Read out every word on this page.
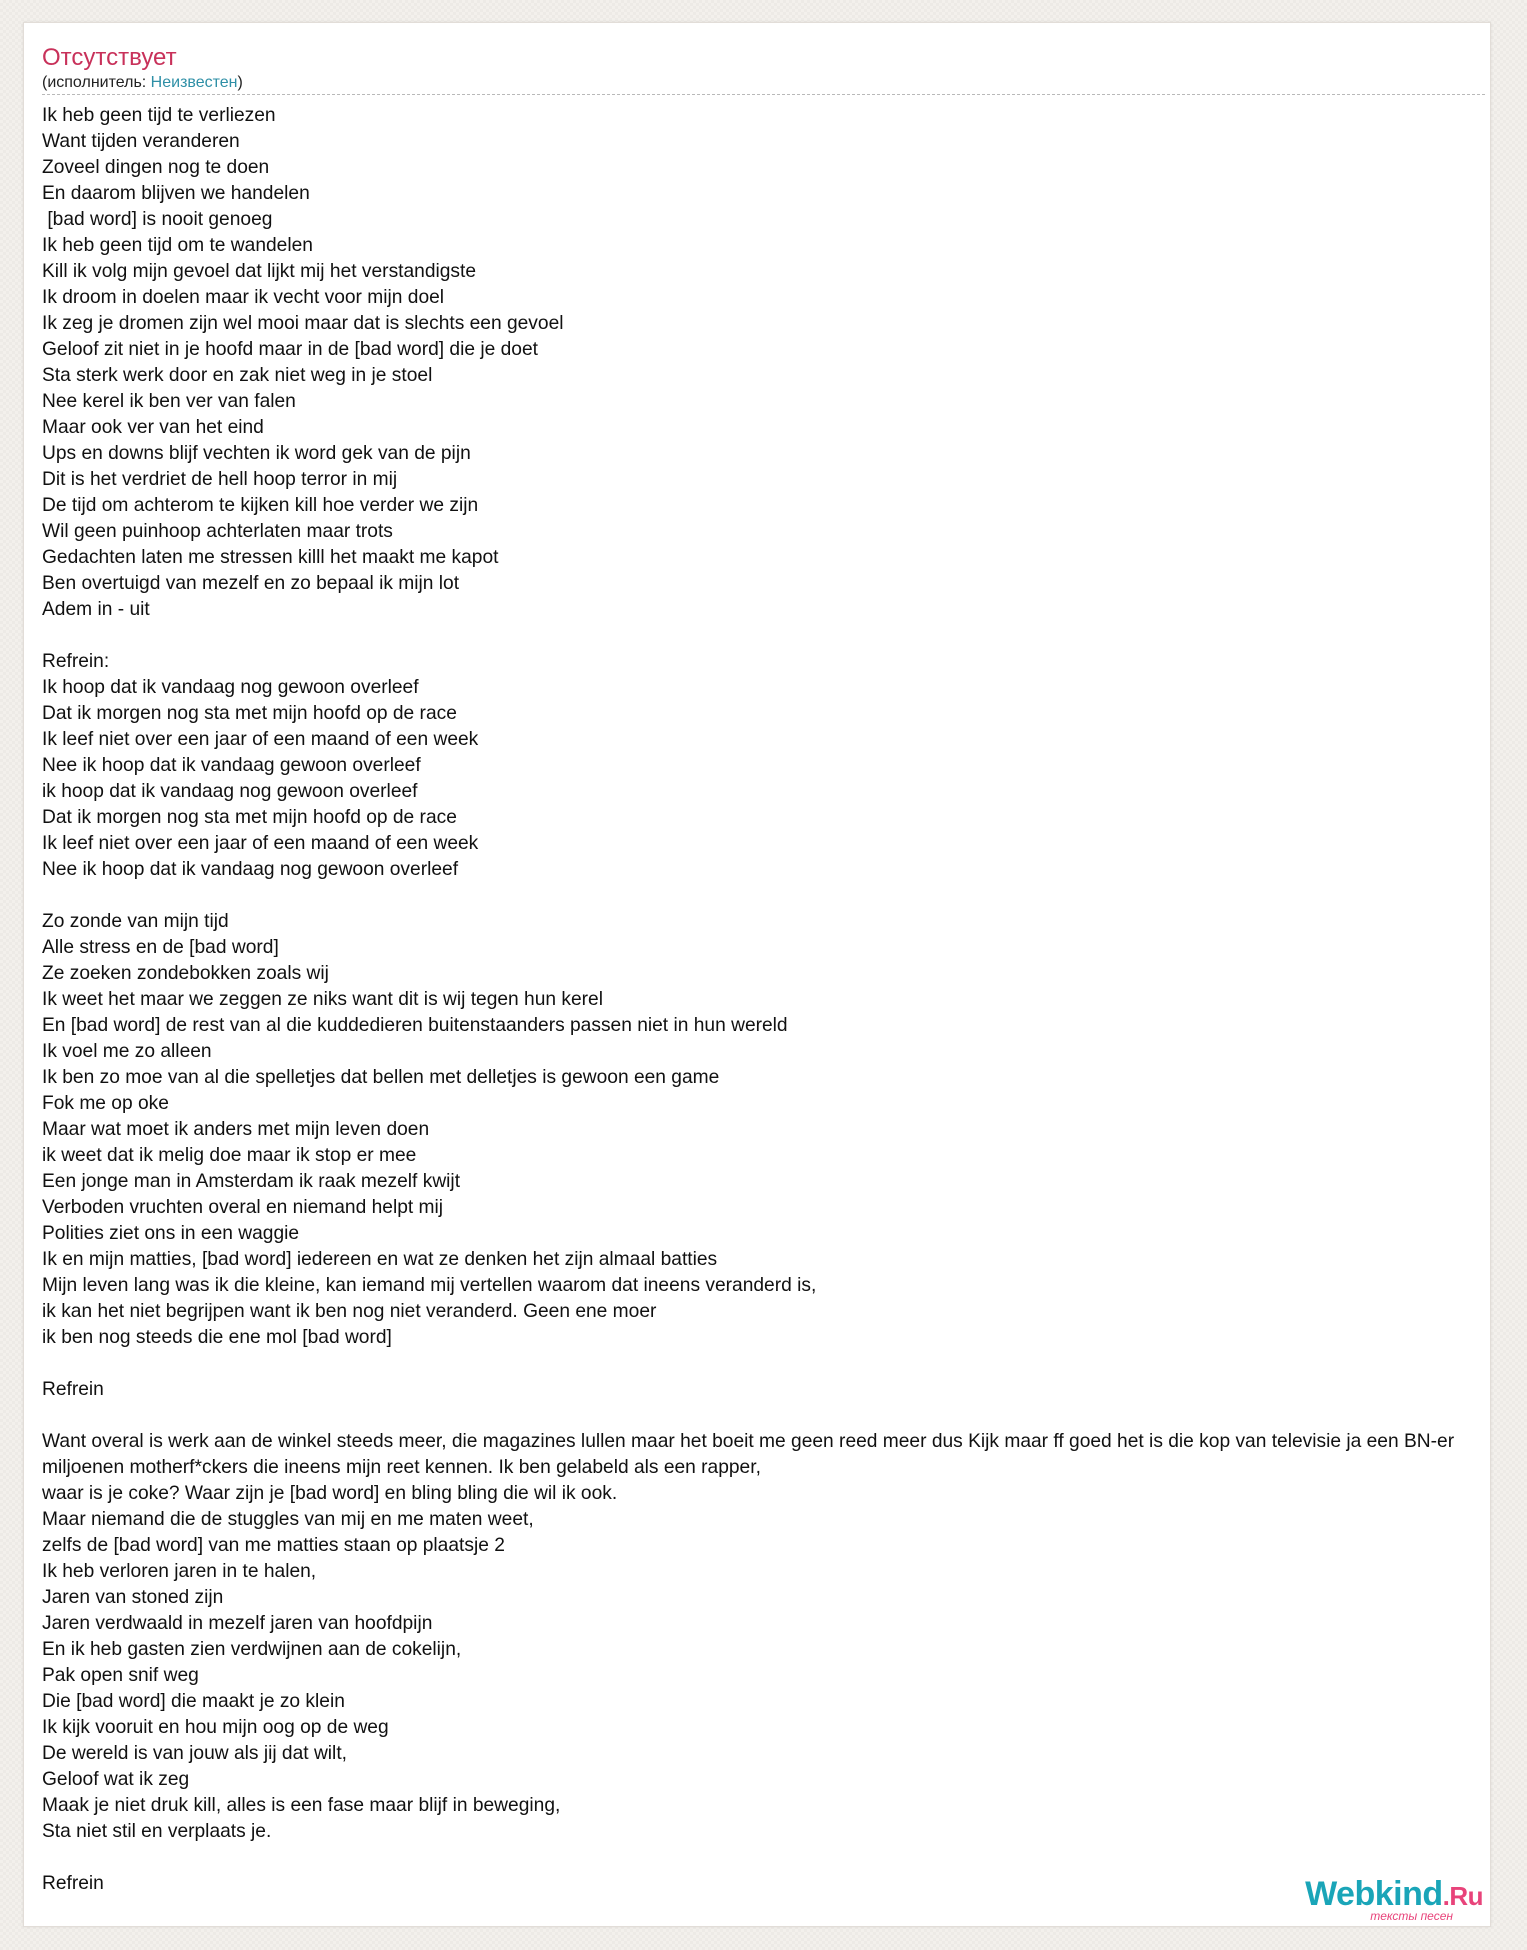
Отсутствует
(исполнитель: Неизвестен)
Ik heb geen tijd te verliezen
Want tijden veranderen
Zoveel dingen nog te doen
En daarom blijven we handelen
[bad word] is nooit genoeg
Ik heb geen tijd om te wandelen
Kill ik volg mijn gevoel dat lijkt mij het verstandigste
Ik droom in doelen maar ik vecht voor mijn doel
Ik zeg je dromen zijn wel mooi maar dat is slechts een gevoel
Geloof zit niet in je hoofd maar in de [bad word] die je doet
Sta sterk werk door en zak niet weg in je stoel
Nee kerel ik ben ver van falen
Maar ook ver van het eind
Ups en downs blijf vechten ik word gek van de pijn
Dit is het verdriet de hell hoop terror in mij
De tijd om achterom te kijken kill hoe verder we zijn
Wil geen puinhoop achterlaten maar trots
Gedachten laten me stressen killl het maakt me kapot
Ben overtuigd van mezelf en zo bepaal ik mijn lot
Adem in - uit
Refrein:
Ik hoop dat ik vandaag nog gewoon overleef
Dat ik morgen nog sta met mijn hoofd op de race
Ik leef niet over een jaar of een maand of een week
Nee ik hoop dat ik vandaag gewoon overleef
ik hoop dat ik vandaag nog gewoon overleef
Dat ik morgen nog sta met mijn hoofd op de race
Ik leef niet over een jaar of een maand of een week
Nee ik hoop dat ik vandaag nog gewoon overleef
Zo zonde van mijn tijd
Alle stress en de [bad word]
Ze zoeken zondebokken zoals wij
Ik weet het maar we zeggen ze niks want dit is wij tegen hun kerel
En [bad word] de rest van al die kuddedieren buitenstaanders passen niet in hun wereld
Ik voel me zo alleen
Ik ben zo moe van al die spelletjes dat bellen met delletjes is gewoon een game
Fok me op oke
Maar wat moet ik anders met mijn leven doen
ik weet dat ik melig doe maar ik stop er mee
Een jonge man in Amsterdam ik raak mezelf kwijt
Verboden vruchten overal en niemand helpt mij
Polities ziet ons in een waggie
Ik en mijn matties, [bad word] iedereen en wat ze denken het zijn almaal batties
Mijn leven lang was ik die kleine, kan iemand mij vertellen waarom dat ineens veranderd is,
ik kan het niet begrijpen want ik ben nog niet veranderd. Geen ene moer
ik ben nog steeds die ene mol [bad word]
Refrein
Want overal is werk aan de winkel steeds meer, die magazines lullen maar het boeit me geen reed meer dus Kijk maar ff goed het is die kop van televisie ja een BN-er
miljoenen motherf*ckers die ineens mijn reet kennen. Ik ben gelabeld als een rapper,
waar is je coke? Waar zijn je [bad word] en bling bling die wil ik ook.
Maar niemand die de stuggles van mij en me maten weet,
zelfs de [bad word] van me matties staan op plaatsje 2
Ik heb verloren jaren in te halen,
Jaren van stoned zijn
Jaren verdwaald in mezelf jaren van hoofdpijn
En ik heb gasten zien verdwijnen aan de cokelijn,
Pak open snif weg
Die [bad word] die maakt je zo klein
Ik kijk vooruit en hou mijn oog op de weg
De wereld is van jouw als jij dat wilt,
Geloof wat ik zeg
Maak je niet druk kill, alles is een fase maar blijf in beweging,
Sta niet stil en verplaats je.
Refrein	Webkind.Ru
тексты песен
